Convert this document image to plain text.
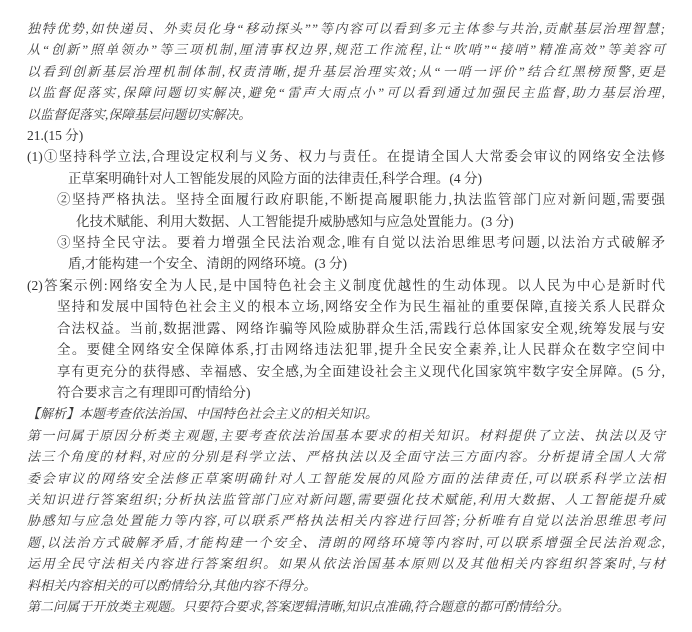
独特优势,如快递员、外卖员化身“移动探头””等内容可以看到多元主体参与共治,贡献基层治理智慧;
从“创新”照单领办”等三项机制,厘清事权边界,规范工作流程,让“吹哨”“接哨”精准高效”等美容可
以看到创新基层治理机制体制,权责清晰,提升基层治理实效;从“一哨一评价”结合红黑榜预警,更是
以监督促落实,保障问题切实解决,避免“雷声大雨点小”可以看到通过加强民主监督,助力基层治理,
以监督促落实,保障基层问题切实解决。
21.(15 分)
(1)①坚持科学立法,合理设定权利与义务、权力与责任。在提请全国人大常委会审议的网络安全法修
正草案明确针对人工智能发展的风险方面的法律责任,科学合理。(4 分)
②坚持严格执法。坚持全面履行政府职能,不断提高履职能力,执法监管部门应对新问题,需要强
化技术赋能、利用大数据、人工智能提升威胁感知与应急处置能力。(3 分)
③坚持全民守法。要着力增强全民法治观念,唯有自觉以法治思维思考问题,以法治方式破解矛
盾,才能构建一个安全、清朗的网络环境。(3 分)
(2)答案示例:网络安全为人民,是中国特色社会主义制度优越性的生动体现。以人民为中心是新时代
坚持和发展中国特色社会主义的根本立场,网络安全作为民生福祉的重要保障,直接关系人民群众
合法权益。当前,数据泄露、网络诈骗等风险威胁群众生活,需践行总体国家安全观,统筹发展与安
全。要健全网络安全保障体系,打击网络违法犯罪,提升全民安全素养,让人民群众在数字空间中
享有更充分的获得感、幸福感、安全感,为全面建设社会主义现代化国家筑牢数字安全屏障。(5 分,
符合要求言之有理即可酌情给分)
【解析】本题考查依法治国、中国特色社会主义的相关知识。
第一问属于原因分析类主观题,主要考查依法治国基本要求的相关知识。材料提供了立法、执法以及守
法三个角度的材料,对应的分别是科学立法、严格执法以及全面守法三方面内容。分析提请全国人大常
委会审议的网络安全法修正草案明确针对人工智能发展的风险方面的法律责任,可以联系科学立法相
关知识进行答案组织;分析执法监管部门应对新问题,需要强化技术赋能,利用大数据、人工智能提升威
胁感知与应急处置能力等内容,可以联系严格执法相关内容进行回答;分析唯有自觉以法治思维思考问
题,以法治方式破解矛盾,才能构建一个安全、清朗的网络环境等内容时,可以联系增强全民法治观念,
运用全民守法相关内容进行答案组织。如果从依法治国基本原则以及其他相关内容组织答案时,与材
料相关内容相关的可以酌情给分,其他内容不得分。
第二问属于开放类主观题。只要符合要求,答案逻辑清晰,知识点准确,符合题意的都可酌情给分。
